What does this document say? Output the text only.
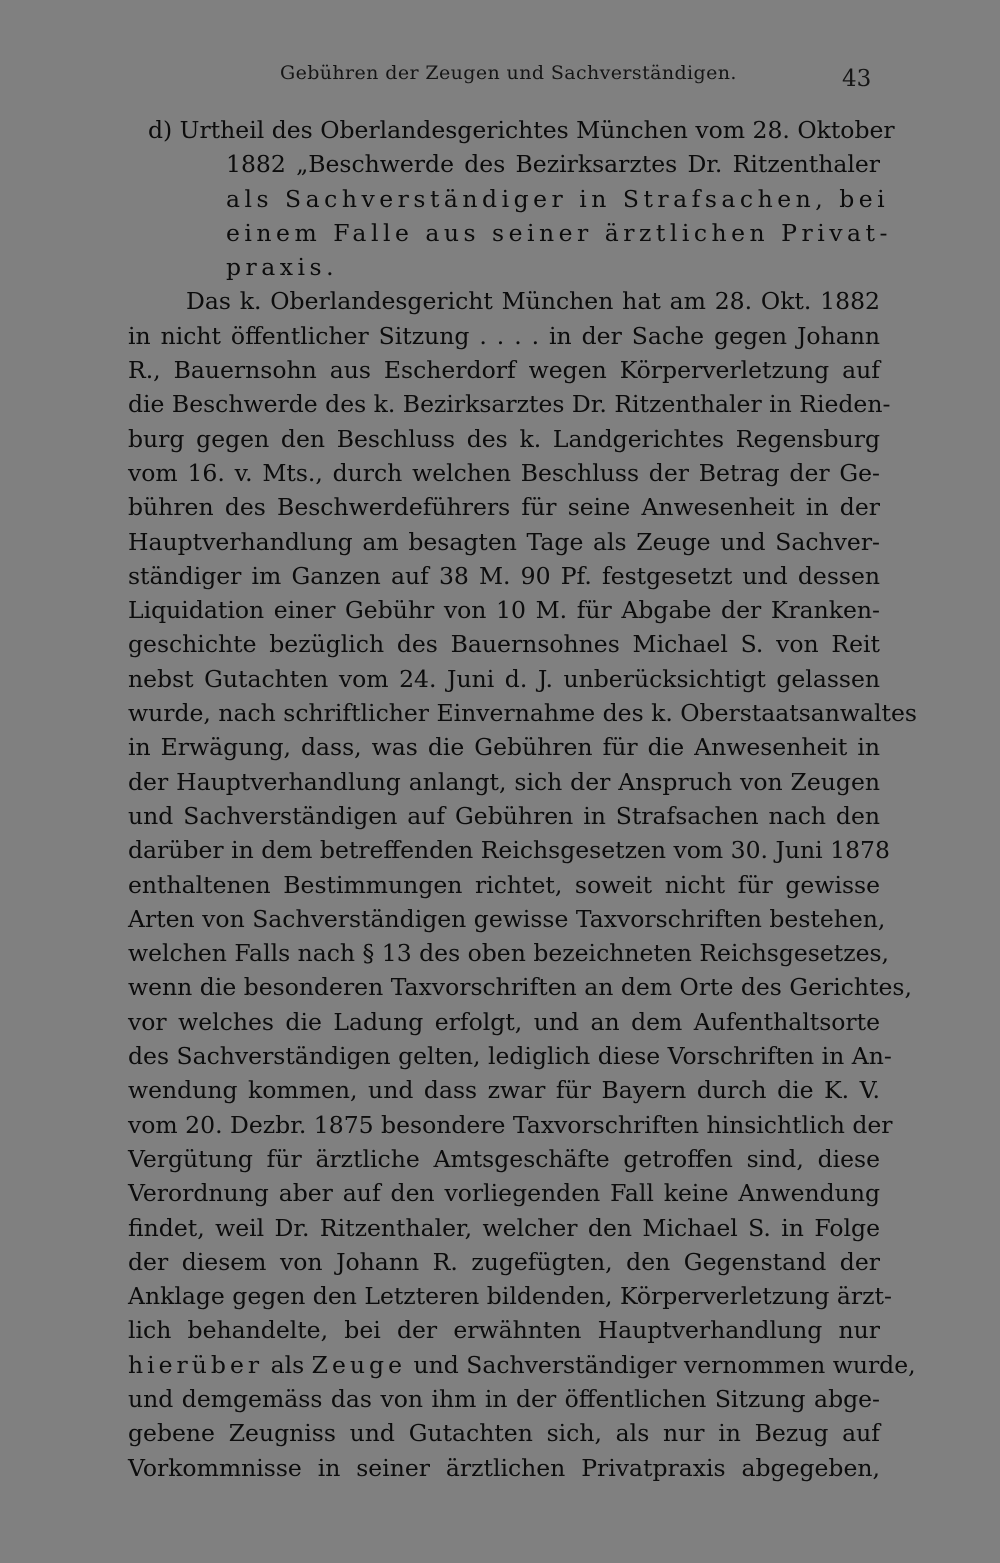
Gebühren der Zeugen und Sachverständigen.	43
d) Urtheil des Oberlandesgerichtes München vom 28. Oktober
1882 „Beschwerde des Bezirksarztes Dr. Ritzenthaler
als Sachverständiger in Strafsachen, bei
einem Falle aus seiner ärztlichen Privat-
praxis.
Das k. Oberlandesgericht München hat am 28. Okt. 1882
in nicht öffentlicher Sitzung . . . . in der Sache gegen Johann
R., Bauernsohn aus Escherdorf wegen Körperverletzung auf
die Beschwerde des k. Bezirksarztes Dr. Ritzenthaler in Rieden-
burg gegen den Beschluss des k. Landgerichtes Regensburg
vom 16. v. Mts., durch welchen Beschluss der Betrag der Ge-
bühren des Beschwerdeführers für seine Anwesenheit in der
Hauptverhandlung am besagten Tage als Zeuge und Sachver-
ständiger im Ganzen auf 38 M. 90 Pf. festgesetzt und dessen
Liquidation einer Gebühr von 10 M. für Abgabe der Kranken-
geschichte bezüglich des Bauernsohnes Michael S. von Reit
nebst Gutachten vom 24. Juni d. J. unberücksichtigt gelassen
wurde, nach schriftlicher Einvernahme des k. Oberstaatsanwaltes
in Erwägung, dass, was die Gebühren für die Anwesenheit in
der Hauptverhandlung anlangt, sich der Anspruch von Zeugen
und Sachverständigen auf Gebühren in Strafsachen nach den
darüber in dem betreffenden Reichsgesetzen vom 30. Juni 1878
enthaltenen Bestimmungen richtet, soweit nicht für gewisse
Arten von Sachverständigen gewisse Taxvorschriften bestehen,
welchen Falls nach § 13 des oben bezeichneten Reichsgesetzes,
wenn die besonderen Taxvorschriften an dem Orte des Gerichtes,
vor welches die Ladung erfolgt, und an dem Aufenthaltsorte
des Sachverständigen gelten, lediglich diese Vorschriften in An-
wendung kommen, und dass zwar für Bayern durch die K. V.
vom 20. Dezbr. 1875 besondere Taxvorschriften hinsichtlich der
Vergütung für ärztliche Amtsgeschäfte getroffen sind, diese
Verordnung aber auf den vorliegenden Fall keine Anwendung
findet, weil Dr. Ritzenthaler, welcher den Michael S. in Folge
der diesem von Johann R. zugefügten, den Gegenstand der
Anklage gegen den Letzteren bildenden, Körperverletzung ärzt-
lich behandelte, bei der erwähnten Hauptverhandlung nur
hierüber als Zeuge und Sachverständiger vernommen wurde,
und demgemäss das von ihm in der öffentlichen Sitzung abge-
gebene Zeugniss und Gutachten sich, als nur in Bezug auf
Vorkommnisse in seiner ärztlichen Privatpraxis abgegeben,
